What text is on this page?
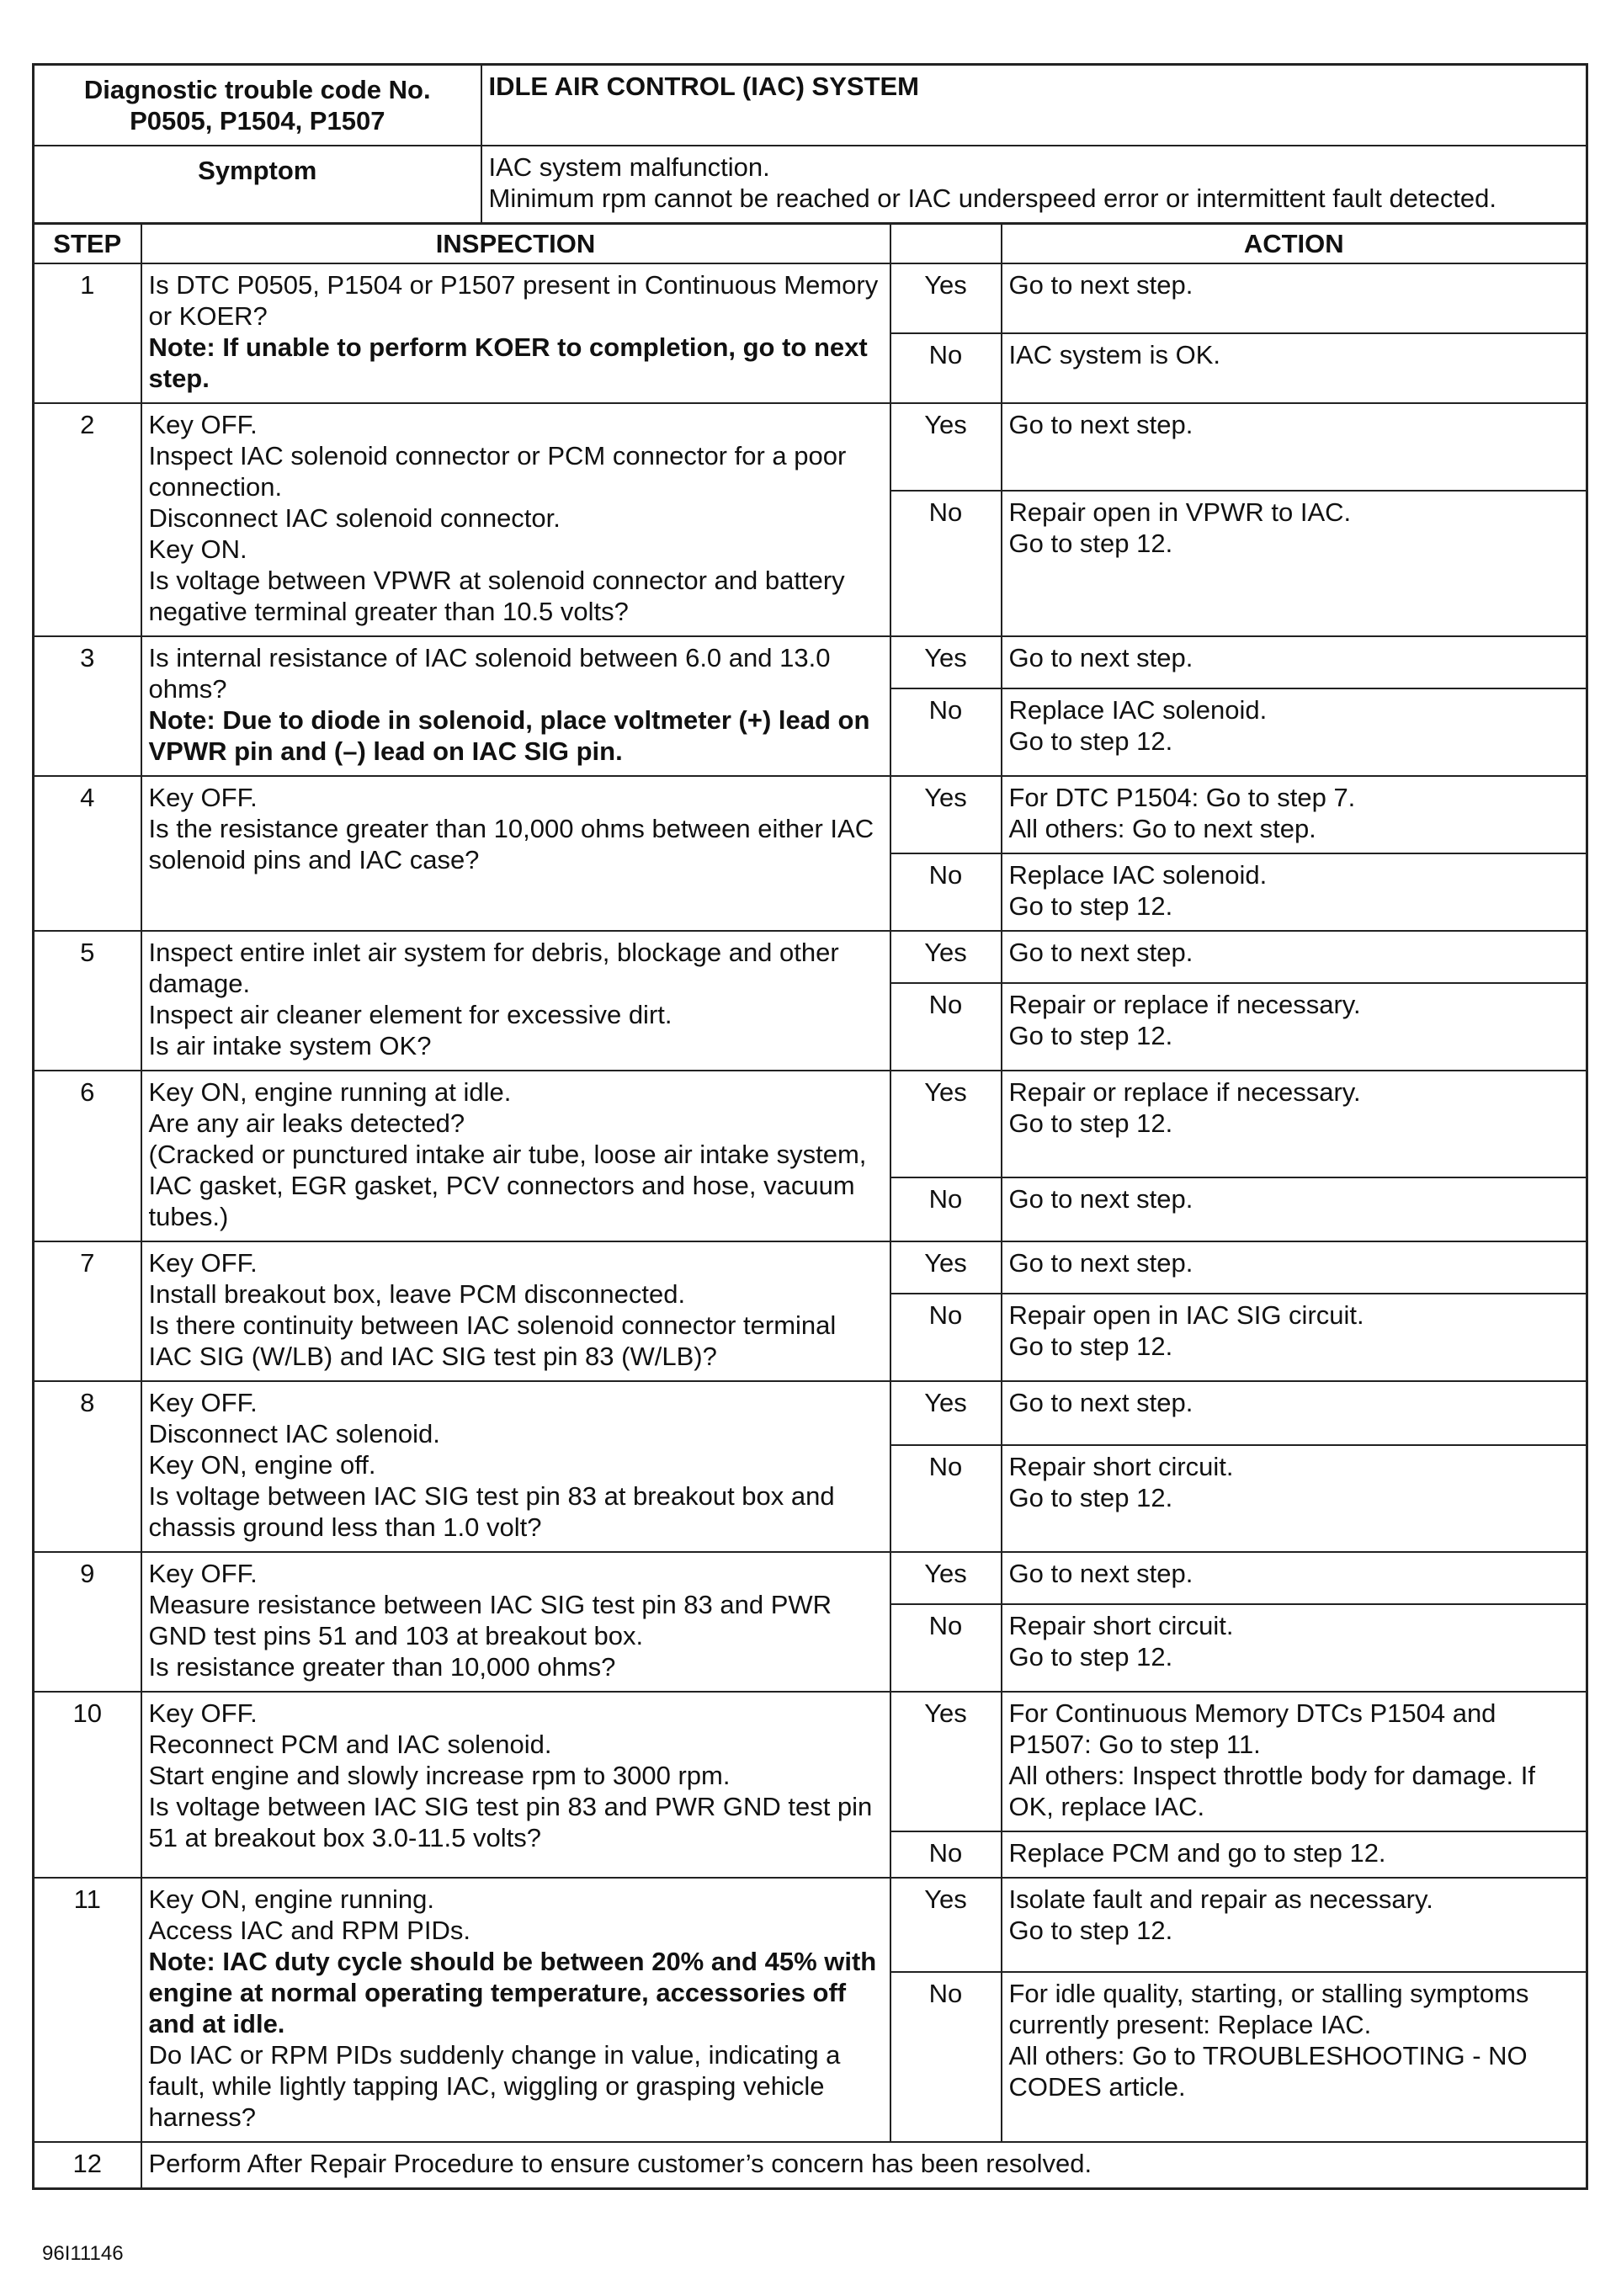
Diagnostic trouble code No. P0505, P1504, P1507	IDLE AIR CONTROL (IAC) SYSTEM
Symptom	IAC system malfunction.
Minimum rpm cannot be reached or IAC underspeed error or intermittent fault detected.
STEP	INSPECTION		ACTION
1	Is DTC P0505, P1504 or P1507 present in Continuous Memory or KOER?
Note: If unable to perform KOER to completion, go to next step.	Yes	Go to next step.

		No	IAC system is OK.

2	Key OFF.
Inspect IAC solenoid connector or PCM connector for a poor connection.
Disconnect IAC solenoid connector.
Key ON.
Is voltage between VPWR at solenoid connector and battery negative terminal greater than 10.5 volts?	Yes	Go to next step.

		No	Repair open in VPWR to IAC.
Go to step 12.

3	Is internal resistance of IAC solenoid between 6.0 and 13.0 ohms?
Note: Due to diode in solenoid, place voltmeter (+) lead on VPWR pin and (–) lead on IAC SIG pin.	Yes	Go to next step.

		No	Replace IAC solenoid.
Go to step 12.

4	Key OFF.
Is the resistance greater than 10,000 ohms between either IAC solenoid pins and IAC case?	Yes	For DTC P1504: Go to step 7.
All others: Go to next step.

		No	Replace IAC solenoid.
Go to step 12.

5	Inspect entire inlet air system for debris, blockage and other damage.
Inspect air cleaner element for excessive dirt.
Is air intake system OK?	Yes	Go to next step.

		No	Repair or replace if necessary.
Go to step 12.

6	Key ON, engine running at idle.
Are any air leaks detected?
(Cracked or punctured intake air tube, loose air intake system, IAC gasket, EGR gasket, PCV connectors and hose, vacuum tubes.)	Yes	Repair or replace if necessary.
Go to step 12.

		No	Go to next step.

7	Key OFF.
Install breakout box, leave PCM disconnected.
Is there continuity between IAC solenoid connector terminal IAC SIG (W/LB) and IAC SIG test pin 83 (W/LB)?	Yes	Go to next step.

		No	Repair open in IAC SIG circuit.
Go to step 12.

8	Key OFF.
Disconnect IAC solenoid.
Key ON, engine off.
Is voltage between IAC SIG test pin 83 at breakout box and chassis ground less than 1.0 volt?	Yes	Go to next step.

		No	Repair short circuit.
Go to step 12.

9	Key OFF.
Measure resistance between IAC SIG test pin 83 and PWR GND test pins 51 and 103 at breakout box.
Is resistance greater than 10,000 ohms?	Yes	Go to next step.

		No	Repair short circuit.
Go to step 12.

10	Key OFF.
Reconnect PCM and IAC solenoid.
Start engine and slowly increase rpm to 3000 rpm.
Is voltage between IAC SIG test pin 83 and PWR GND test pin 51 at breakout box 3.0-11.5 volts?	Yes	For Continuous Memory DTCs P1504 and P1507: Go to step 11.
All others: Inspect throttle body for damage. If OK, replace IAC.

		No	Replace PCM and go to step 12.

11	Key ON, engine running.
Access IAC and RPM PIDs.
Note: IAC duty cycle should be between 20% and 45% with engine at normal operating temperature, accessories off and at idle.
Do IAC or RPM PIDs suddenly change in value, indicating a fault, while lightly tapping IAC, wiggling or grasping vehicle harness?	Yes	Isolate fault and repair as necessary.
Go to step 12.

		No	For idle quality, starting, or stalling symptoms currently present: Replace IAC.
All others: Go to TROUBLESHOOTING - NO CODES article.

12	Perform After Repair Procedure to ensure customer’s concern has been resolved.		
96I11146
